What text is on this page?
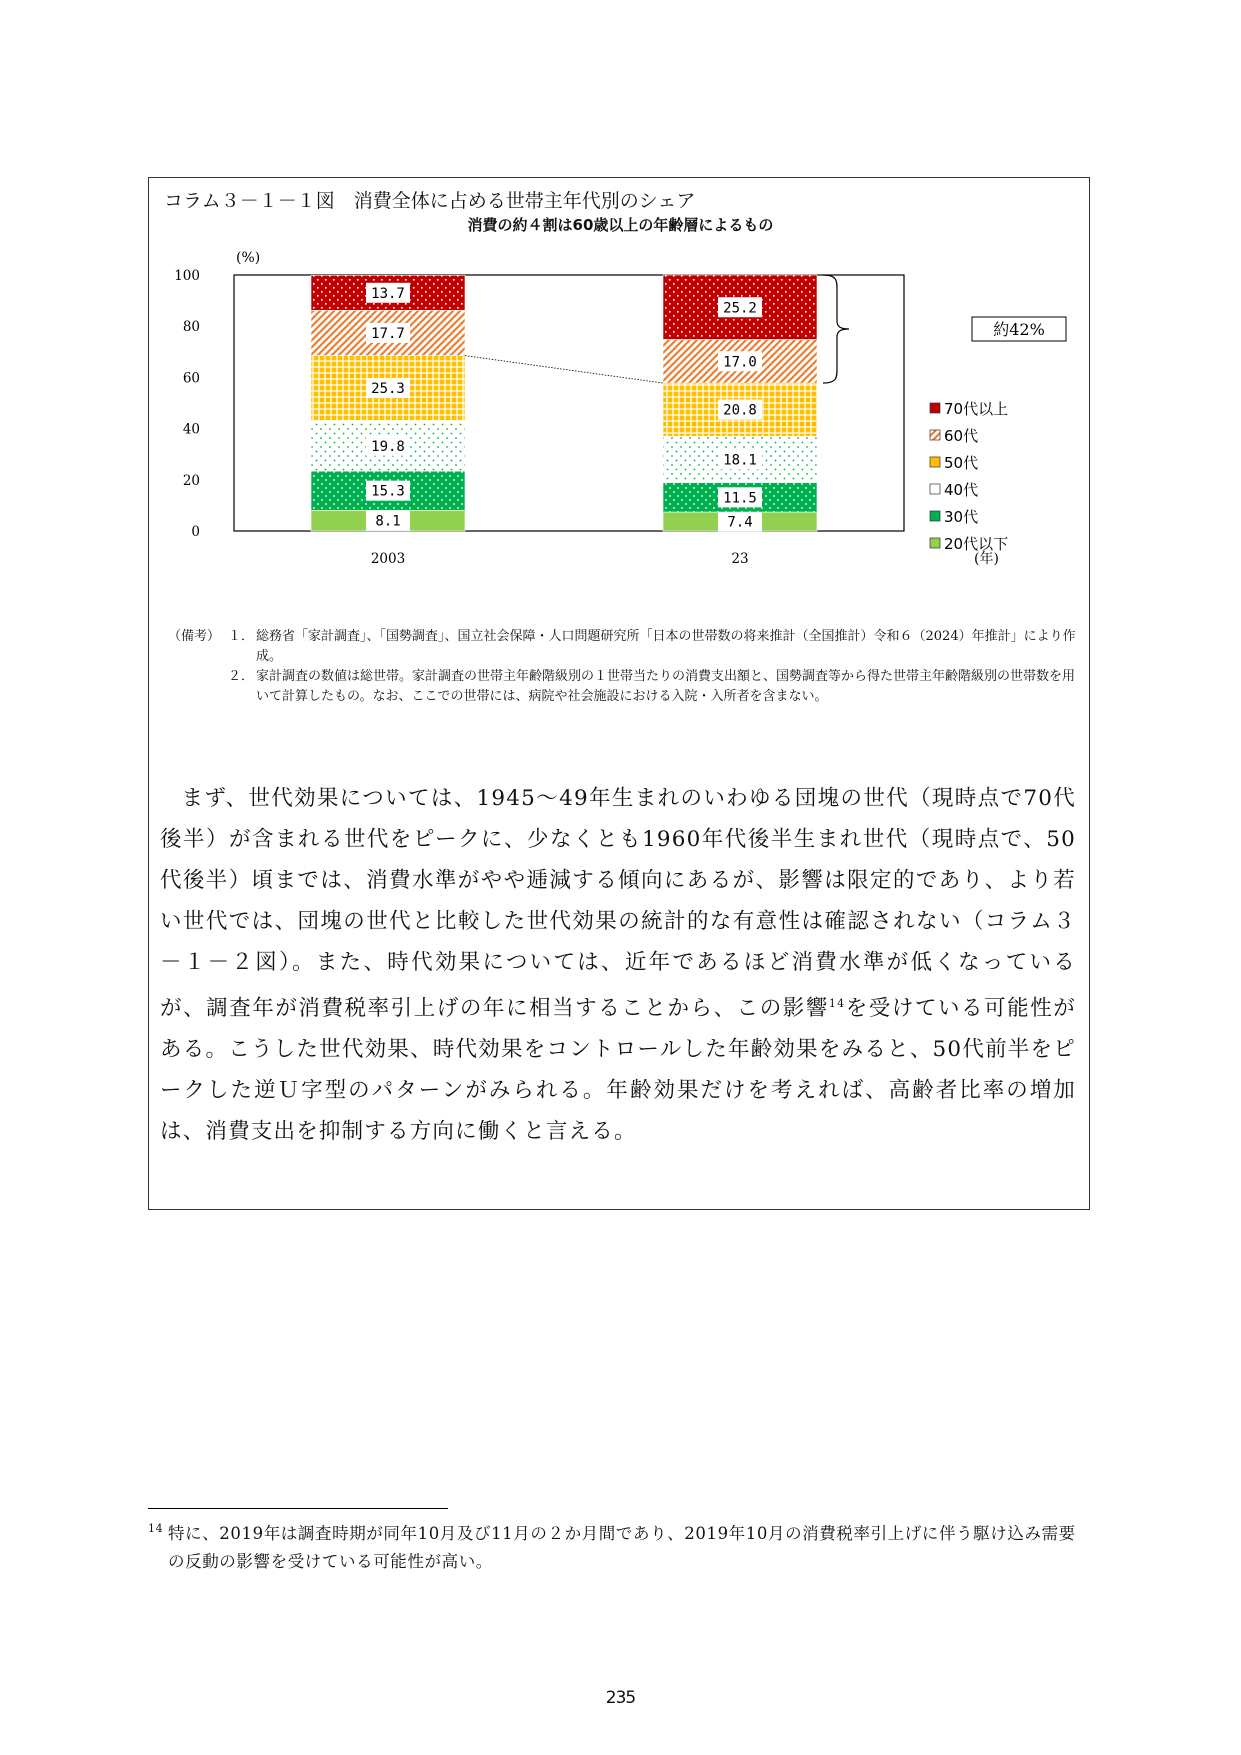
コラム３－１－１図　消費全体に占める世帯主年代別のシェア
消費の約４割は60歳以上の年齢層によるもの
0
20
40
60
80
100
(%)
(年)
8.1
15.3
19.8
25.3
17.7
13.7
2003
7.4
11.5
18.1
20.8
17.0
25.2
23
約42%
70代以上
60代
50代
40代
30代
20代以下
（備考） １． 総務省「家計調査」、「国勢調査」、国立社会保障・人口問題研究所「日本の世帯数の将来推計（全国推計）令和６（2024）年推計」により作成。
２． 家計調査の数値は総世帯。家計調査の世帯主年齢階級別の１世帯当たりの消費支出額と、国勢調査等から得た世帯主年齢階級別の世帯数を用いて計算したもの。なお、ここでの世帯には、病院や社会施設における入院・入所者を含まない。

まず、世代効果については、1945～49年生まれのいわゆる団塊の世代（現時点で70代後半）が含まれる世代をピークに、少なくとも1960年代後半生まれ世代（現時点で、50代後半）頃までは、消費水準がやや逓減する傾向にあるが、影響は限定的であり、より若い世代では、団塊の世代と比較した世代効果の統計的な有意性は確認されない（コラム３－１－２図）。また、時代効果については、近年であるほど消費水準が低くなっているが、調査年が消費税率引上げの年に相当することから、この影響$^{14}$を受けている可能性がある。こうした世代効果、時代効果をコントロールした年齢効果をみると、50代前半をピークした逆Ｕ字型のパターンがみられる。年齢効果だけを考えれば、高齢者比率の増加は、消費支出を抑制する方向に働くと言える。

14 特に、2019年は調査時期が同年10月及び11月の２か月間であり、2019年10月の消費税率引上げに伴う駆け込み需要の反動の影響を受けている可能性が高い。
235
